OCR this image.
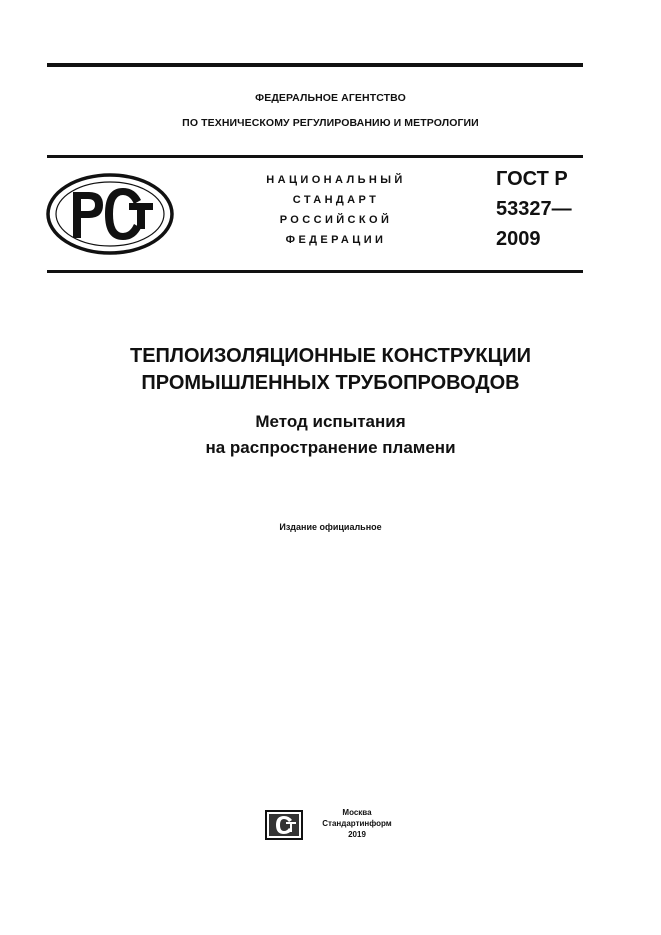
ФЕДЕРАЛЬНОЕ АГЕНТСТВО
ПО ТЕХНИЧЕСКОМУ РЕГУЛИРОВАНИЮ И МЕТРОЛОГИИ
НАЦИОНАЛЬНЫЙ
СТАНДАРТ
РОССИЙСКОЙ
ФЕДЕРАЦИИ
ГОСТ Р
53327—
2009
ТЕПЛОИЗОЛЯЦИОННЫЕ КОНСТРУКЦИИ
ПРОМЫШЛЕННЫХ ТРУБОПРОВОДОВ
Метод испытания
на распространение пламени
Издание официальное
Москва
Стандартинформ
2019
